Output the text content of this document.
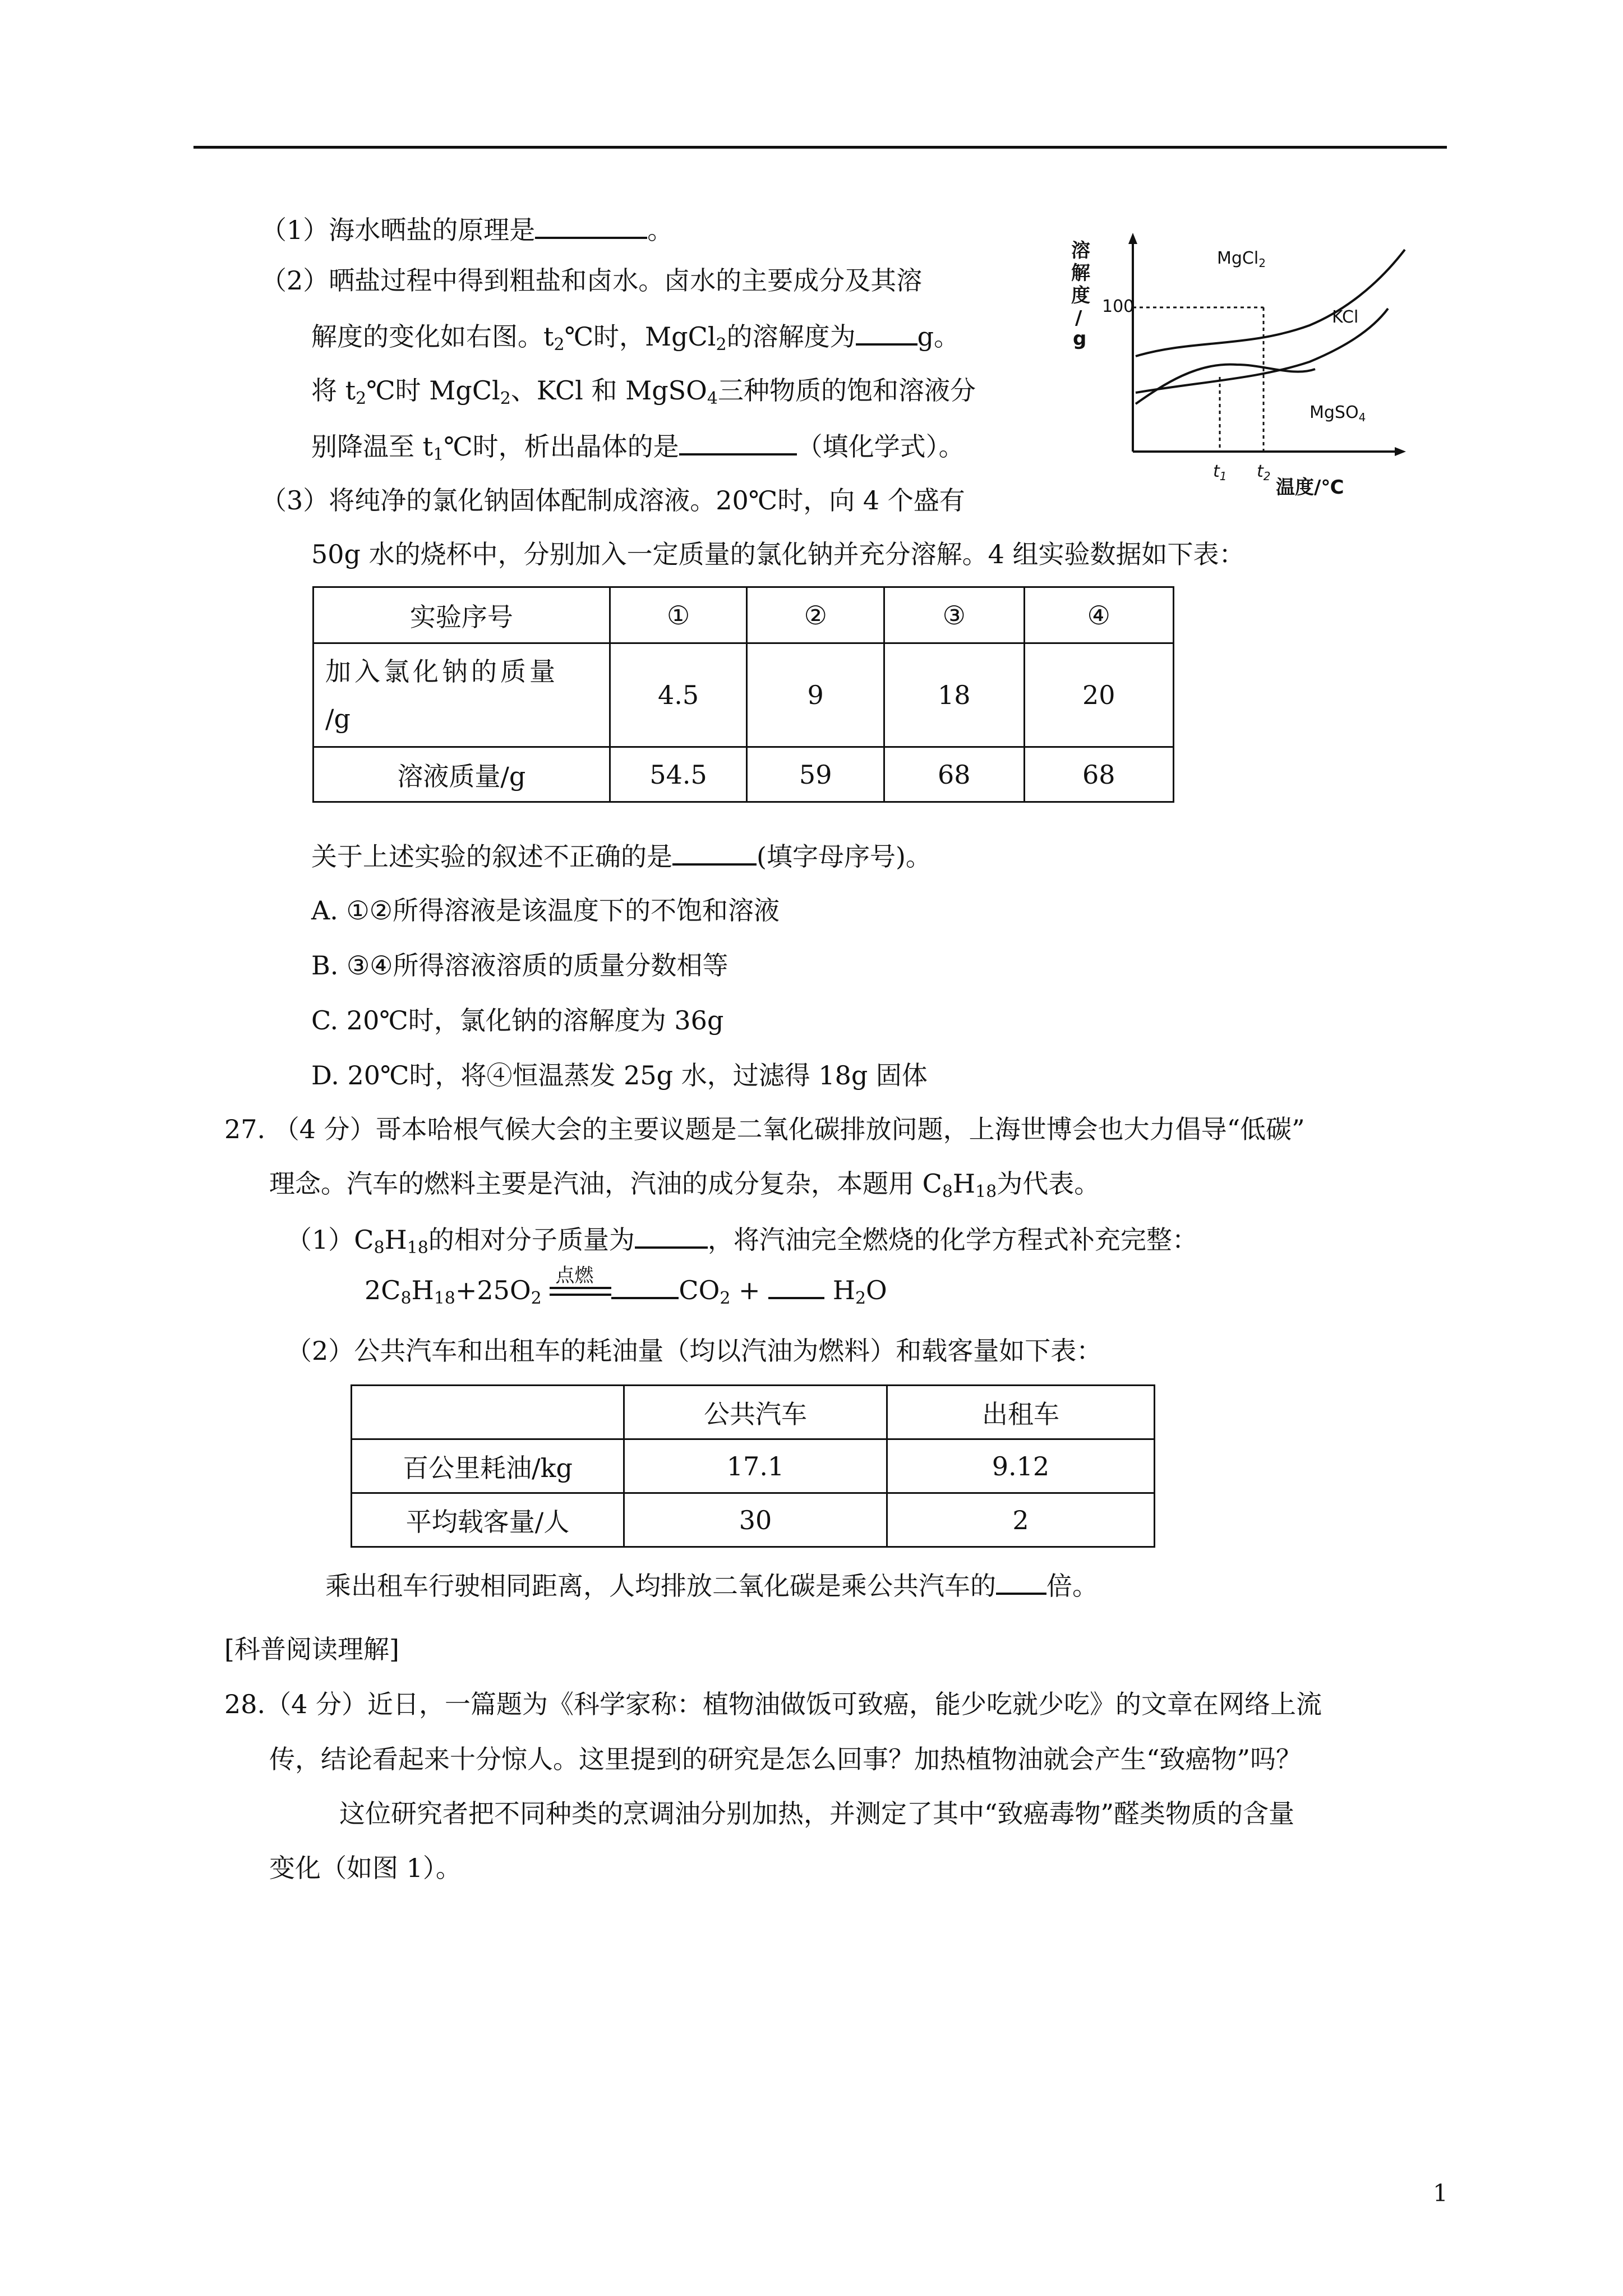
（1）海水晒盐的原理是	。
（2）晒盐过程中得到粗盐和卤水。卤水的主要成分及其溶
解度的变化如右图。$t_2℃$时，MgCl$_2$的溶解度为 g。
将 $t_2℃$时 MgCl$_2$、KCl 和 MgSO$_4$三种物质的饱和溶液分
别降温至 $t_1℃$时，析出晶体的是	（填化学式）。
溶
解
度
/
g
温度/℃
100
$t_1$ $t_2$
MgCl$_2$
KCl
MgSO$_4$
（3）将纯净的氯化钠固体配制成溶液。20℃时，向 4 个盛有
50g 水的烧杯中，分别加入一定质量的氯化钠并充分溶解。4 组实验数据如下表：
实验序号	①	②	③	④
加入氯化钠的质量
/g	4.5	9	18	20
溶液质量/g	54.5	59	68	68
关于上述实验的叙述不正确的是	(填字母序号)。
A. ①②所得溶液是该温度下的不饱和溶液
B. ③④所得溶液溶质的质量分数相等
C. 20℃时，氯化钠的溶解度为 36g
D. 20℃时，将④恒温蒸发 25g 水，过滤得 18g 固体
27. （4 分）哥本哈根气候大会的主要议题是二氧化碳排放问题，上海世博会也大力倡导“低碳”
理念。汽车的燃料主要是汽油，汽油的成分复杂，本题用 $C_8H_{18}$为代表。
$(1)C_8H_{18}$的相对分子质量为	，将汽油完全燃烧的化学方程式补充完整：
$2C_8H_{18}+25O_2$
点燃	$CO_2 + H_2O$
（2）公共汽车和出租车的耗油量（均以汽油为燃料）和载客量如下表：
	公共汽车	出租车
百公里耗油/kg	17.1	9.12
平均载客量/人	30	2
乘出租车行驶相同距离，人均排放二氧化碳是乘公共汽车的 倍。
[科普阅读理解]
28.（4 分）近日，一篇题为《科学家称：植物油做饭可致癌，能少吃就少吃》的文章在网络上流
传，结论看起来十分惊人。这里提到的研究是怎么回事？加热植物油就会产生“致癌物”吗？
这位研究者把不同种类的烹调油分别加热，并测定了其中“致癌毒物”醛类物质的含量
变化（如图 1）。
1
